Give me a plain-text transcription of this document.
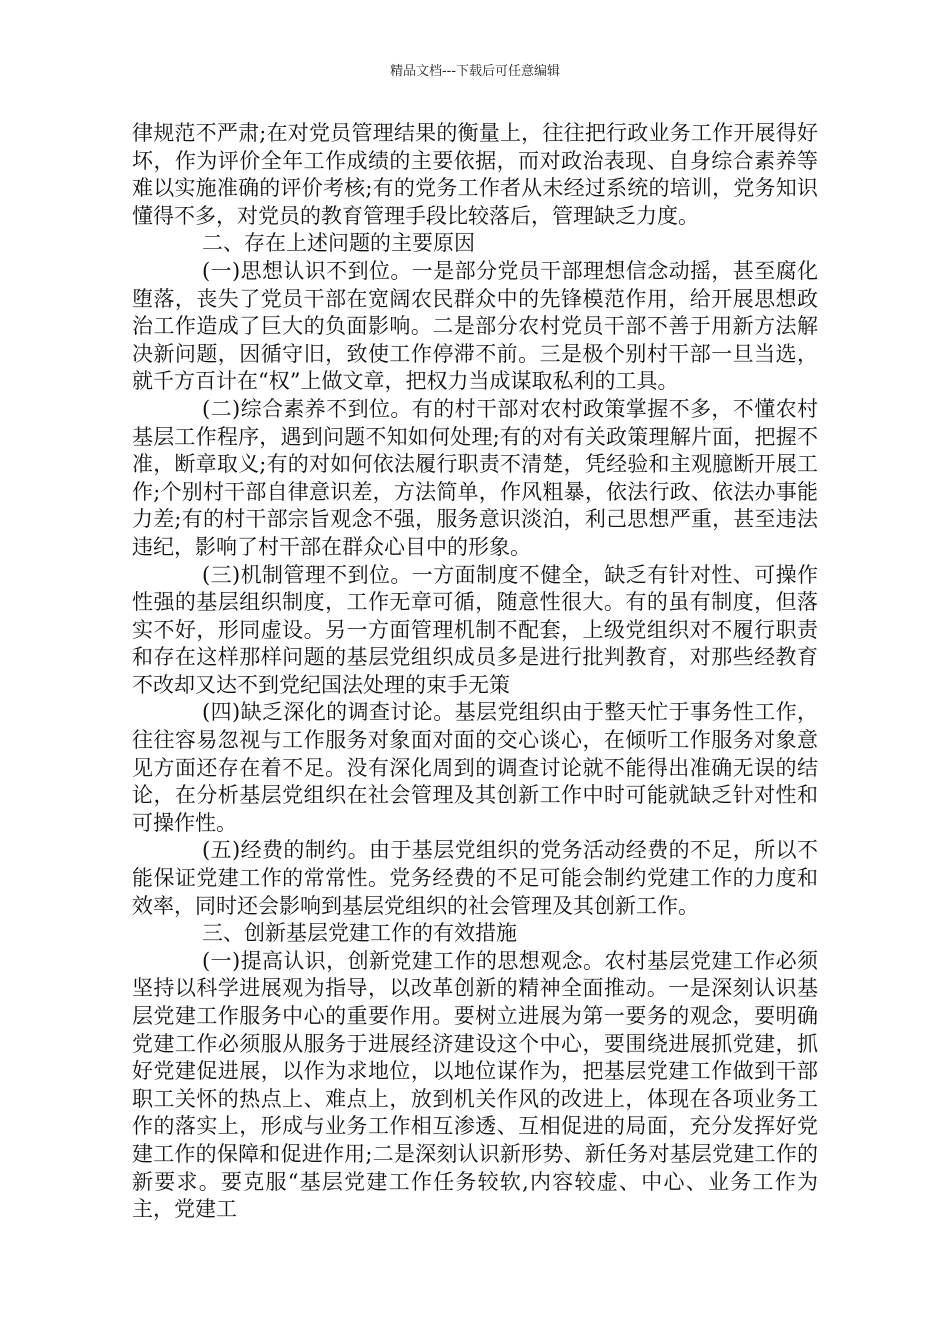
精品文档---下载后可任意编辑

律规范不严肃;在对党员管理结果的衡量上，往往把行政业务工作开展得好坏，作为评价全年工作成绩的主要依据，而对政治表现、自身综合素养等难以实施准确的评价考核;有的党务工作者从未经过系统的培训，党务知识懂得不多，对党员的教育管理手段比较落后，管理缺乏力度。

二、存在上述问题的主要原因

(一)思想认识不到位。一是部分党员干部理想信念动摇，甚至腐化堕落，丧失了党员干部在宽阔农民群众中的先锋模范作用，给开展思想政治工作造成了巨大的负面影响。二是部分农村党员干部不善于用新方法解决新问题，因循守旧，致使工作停滞不前。三是极个别村干部一旦当选，就千方百计在“权”上做文章，把权力当成谋取私利的工具。

(二)综合素养不到位。有的村干部对农村政策掌握不多，不懂农村基层工作程序，遇到问题不知如何处理;有的对有关政策理解片面，把握不准，断章取义;有的对如何依法履行职责不清楚，凭经验和主观臆断开展工作;个别村干部自律意识差，方法简单，作风粗暴，依法行政、依法办事能力差;有的村干部宗旨观念不强，服务意识淡泊，利己思想严重，甚至违法违纪，影响了村干部在群众心目中的形象。

(三)机制管理不到位。一方面制度不健全，缺乏有针对性、可操作性强的基层组织制度，工作无章可循，随意性很大。有的虽有制度，但落实不好，形同虚设。另一方面管理机制不配套，上级党组织对不履行职责和存在这样那样问题的基层党组织成员多是进行批判教育，对那些经教育不改却又达不到党纪国法处理的束手无策

(四)缺乏深化的调查讨论。基层党组织由于整天忙于事务性工作，往往容易忽视与工作服务对象面对面的交心谈心，在倾听工作服务对象意见方面还存在着不足。没有深化周到的调查讨论就不能得出准确无误的结论，在分析基层党组织在社会管理及其创新工作中时可能就缺乏针对性和可操作性。

(五)经费的制约。由于基层党组织的党务活动经费的不足，所以不能保证党建工作的常常性。党务经费的不足可能会制约党建工作的力度和效率，同时还会影响到基层党组织的社会管理及其创新工作。

三、创新基层党建工作的有效措施

(一)提高认识，创新党建工作的思想观念。农村基层党建工作必须坚持以科学进展观为指导，以改革创新的精神全面推动。一是深刻认识基层党建工作服务中心的重要作用。要树立进展为第一要务的观念，要明确党建工作必须服从服务于进展经济建设这个中心，要围绕进展抓党建，抓好党建促进展，以作为求地位，以地位谋作为，把基层党建工作做到干部职工关怀的热点上、难点上，放到机关作风的改进上，体现在各项业务工作的落实上，形成与业务工作相互渗透、互相促进的局面，充分发挥好党建工作的保障和促进作用;二是深刻认识新形势、新任务对基层党建工作的新要求。要克服“基层党建工作任务较软,内容较虚、中心、业务工作为主，党建工
